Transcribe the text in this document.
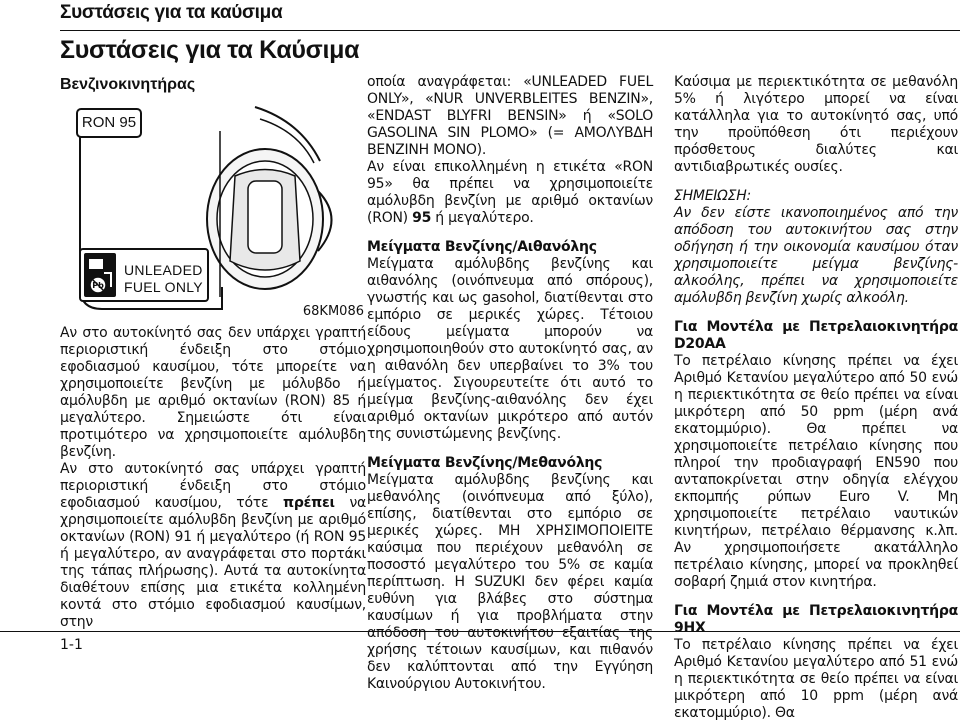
Συστάσεις για τα καύσιμα
Συστάσεις για τα Καύσιμα
Βενζινοκινητήρας
Pb
RON 95
UNLEADED
FUEL ONLY
68KM086

Αν στο αυτοκίνητό σας δεν υπάρχει γραπτή περιοριστική ένδειξη στο στόμιο εφοδιασμού καυσίμου, τότε μπορείτε να χρησιμοποιείτε βενζίνη με μόλυβδο ή αμόλυβδη με αριθμό οκτανίων (RON) 85 ή μεγαλύτερο. Σημειώστε ότι είναι προτιμότερο να χρησιμοποιείτε αμόλυβδη βενζίνη.

Αν στο αυτοκίνητό σας υπάρχει γραπτή περιοριστική ένδειξη στο στόμιο εφοδιασμού καυσίμου, τότε πρέπει να χρησιμοποιείτε αμόλυβδη βενζίνη με αριθμό οκτανίων (RON) 91 ή μεγαλύτερο (ή RON 95 ή μεγαλύτερο, αν αναγράφεται στο πορτάκι της τάπας πλήρωσης). Αυτά τα αυτοκίνητα διαθέτουν επίσης μια ετικέτα κολλημένη κοντά στο στόμιο εφοδιασμού καυσίμων, στην

οποία αναγράφεται: «UNLEADED FUEL ONLY», «NUR UNVERBLEITES BENZIN», «ENDAST BLYFRI BENSIN» ή «SOLO GASOLINA SIN PLOMO» (= ΑΜΟΛΥΒΔΗ ΒΕΝΖΙΝΗ ΜΟΝΟ).

Αν είναι επικολλημένη η ετικέτα «RON 95» θα πρέπει να χρησιμοποιείτε αμόλυβδη βενζίνη με αριθμό οκτανίων (RON) 95 ή μεγαλύτερο.

Μείγματα Βενζίνης/Αιθανόλης

Μείγματα αμόλυβδης βενζίνης και αιθανόλης (οινόπνευμα από σπόρους), γνωστής και ως gasohol, διατίθενται στο εμπόριο σε μερικές χώρες. Τέτοιου είδους μείγματα μπορούν να χρησιμοποιηθούν στο αυτοκίνητό σας, αν η αιθανόλη δεν υπερβαίνει το 3% του μείγματος. Σιγουρευτείτε ότι αυτό το μείγμα βενζίνης-αιθανόλης δεν έχει αριθμό οκτανίων μικρότερο από αυτόν της συνιστώμενης βενζίνης.

Μείγματα Βενζίνης/Μεθανόλης

Μείγματα αμόλυβδης βενζίνης και μεθανόλης (οινόπνευμα από ξύλο), επίσης, διατίθενται στο εμπόριο σε μερικές χώρες. ΜΗ ΧΡΗΣΙΜΟΠΟΙΕΙΤΕ καύσιμα που περιέχουν μεθανόλη σε ποσοστό μεγαλύτερο του 5% σε καμία περίπτωση. Η SUZUKI δεν φέρει καμία ευθύνη για βλάβες στο σύστημα καυσίμων ή για προβλήματα στην απόδοση του αυτοκινήτου εξαιτίας της χρήσης τέτοιων καυσίμων, και πιθανόν δεν καλύπτονται από την Εγγύηση Καινούργιου Αυτοκινήτου.

Καύσιμα με περιεκτικότητα σε μεθανόλη 5% ή λιγότερο μπορεί να είναι κατάλληλα για το αυτοκίνητό σας, υπό την προϋπόθεση ότι περιέχουν πρόσθετους διαλύτες και αντιδιαβρωτικές ουσίες.

ΣΗΜΕΙΩΣΗ:

Αν δεν είστε ικανοποιημένος από την απόδοση του αυτοκινήτου σας στην οδήγηση ή την οικονομία καυσίμου όταν χρησιμοποιείτε μείγμα βενζίνης-αλκοόλης, πρέπει να χρησιμοποιείτε αμόλυβδη βενζίνη χωρίς αλκοόλη.

Για Μοντέλα με Πετρελαιοκινητήρα D20AA

Το πετρέλαιο κίνησης πρέπει να έχει Αριθμό Κετανίου μεγαλύτερο από 50 ενώ η περιεκτικότητα σε θείο πρέπει να είναι μικρότερη από 50 ppm (μέρη ανά εκατομμύριο). Θα πρέπει να χρησιμοποιείτε πετρέλαιο κίνησης που πληροί την προδιαγραφή EN590 που ανταποκρίνεται στην οδηγία ελέγχου εκπομπής ρύπων Euro V. Μη χρησιμοποιείτε πετρέλαιο ναυτικών κινητήρων, πετρέλαιο θέρμανσης κ.λπ. Αν χρησιμοποιήσετε ακατάλληλο πετρέλαιο κίνησης, μπορεί να προκληθεί σοβαρή ζημιά στον κινητήρα.

Για Μοντέλα με Πετρελαιοκινητήρα 9HX

Το πετρέλαιο κίνησης πρέπει να έχει Αριθμό Κετανίου μεγαλύτερο από 51 ενώ η περιεκτικότητα σε θείο πρέπει να είναι μικρότερη από 10 ppm (μέρη ανά εκατομμύριο). Θα

1-1
